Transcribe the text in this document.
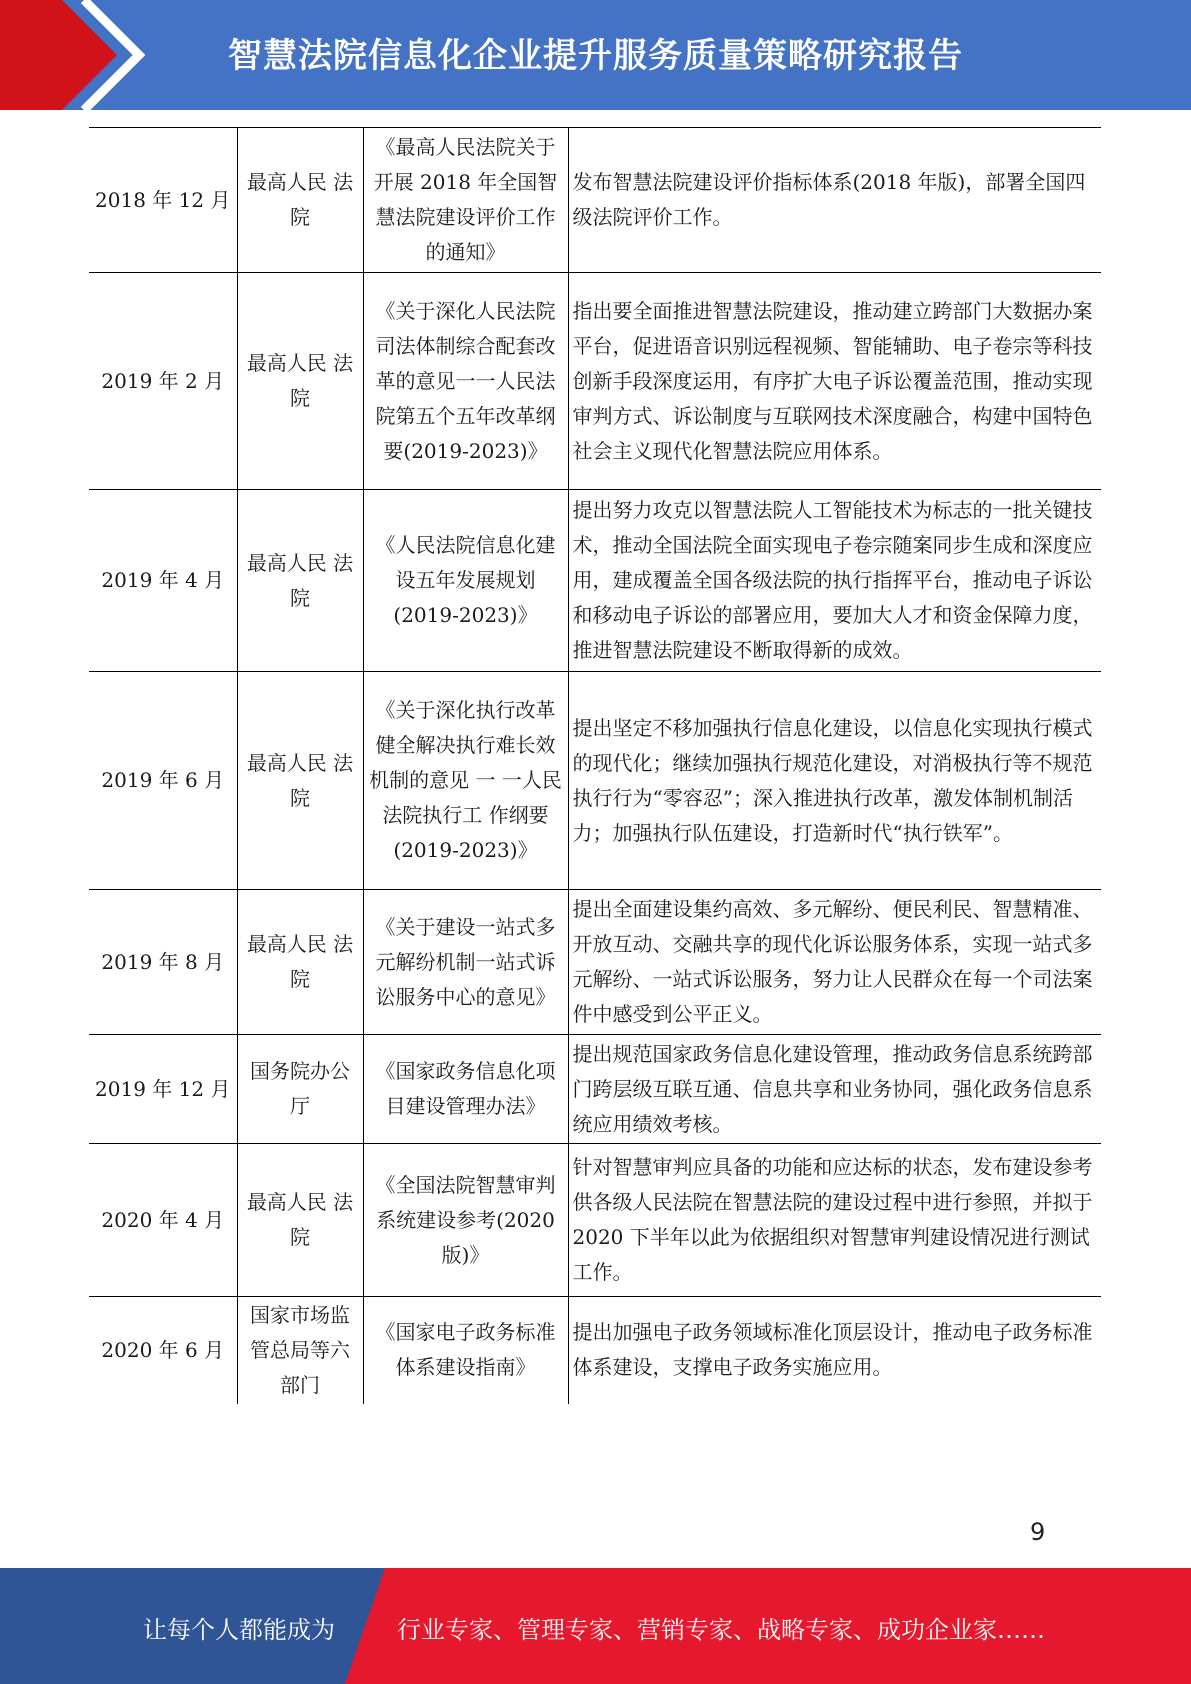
智慧法院信息化企业提升服务质量策略研究报告
2018 年 12 月	最高人民 法院	《最高人民法院关于开展 2018 年全国智慧法院建设评价工作的通知》	发布智慧法院建设评价指标体系(2018 年版)，部署全国四级法院评价工作。
2019 年 2 月	最高人民 法院	《关于深化人民法院司法体制综合配套改革的意见一一人民法院第五个五年改革纲要(2019-2023)》	指出要全面推进智慧法院建设，推动建立跨部门大数据办案平台，促进语音识别远程视频、智能辅助、电子卷宗等科技创新手段深度运用，有序扩大电子诉讼覆盖范围，推动实现审判方式、诉讼制度与互联网技术深度融合，构建中国特色社会主义现代化智慧法院应用体系。
2019 年 4 月	最高人民 法院	《人民法院信息化建设五年发展规划(2019-2023)》	提出努力攻克以智慧法院人工智能技术为标志的一批关键技术，推动全国法院全面实现电子卷宗随案同步生成和深度应用，建成覆盖全国各级法院的执行指挥平台，推动电子诉讼和移动电子诉讼的部署应用，要加大人才和资金保障力度，推进智慧法院建设不断取得新的成效。
2019 年 6 月	最高人民 法院	《关于深化执行改革健全解决执行难长效机制的意见 一 一人民法院执行工 作纲要(2019-2023)》	提出坚定不移加强执行信息化建设，以信息化实现执行模式的现代化；继续加强执行规范化建设，对消极执行等不规范执行行为“零容忍”；深入推进执行改革，激发体制机制活力；加强执行队伍建设，打造新时代“执行铁军”。
2019 年 8 月	最高人民 法院	《关于建设一站式多元解纷机制一站式诉讼服务中心的意见》	提出全面建设集约高效、多元解纷、便民利民、智慧精准、开放互动、交融共享的现代化诉讼服务体系，实现一站式多元解纷、一站式诉讼服务，努力让人民群众在每一个司法案件中感受到公平正义。
2019 年 12 月	国务院办公厅	《国家政务信息化项目建设管理办法》	提出规范国家政务信息化建设管理，推动政务信息系统跨部门跨层级互联互通、信息共享和业务协同，强化政务信息系统应用绩效考核。
2020 年 4 月	最高人民 法院	《全国法院智慧审判系统建设参考(2020 版)》	针对智慧审判应具备的功能和应达标的状态，发布建设参考供各级人民法院在智慧法院的建设过程中进行参照，并拟于 2020 下半年以此为依据组织对智慧审判建设情况进行测试工作。
2020 年 6 月	国家市场监管总局等六部门	《国家电子政务标准体系建设指南》	提出加强电子政务领域标准化顶层设计，推动电子政务标准体系建设，支撑电子政务实施应用。
9
让每个人都能成为	行业专家、管理专家、营销专家、战略专家、成功企业家……
